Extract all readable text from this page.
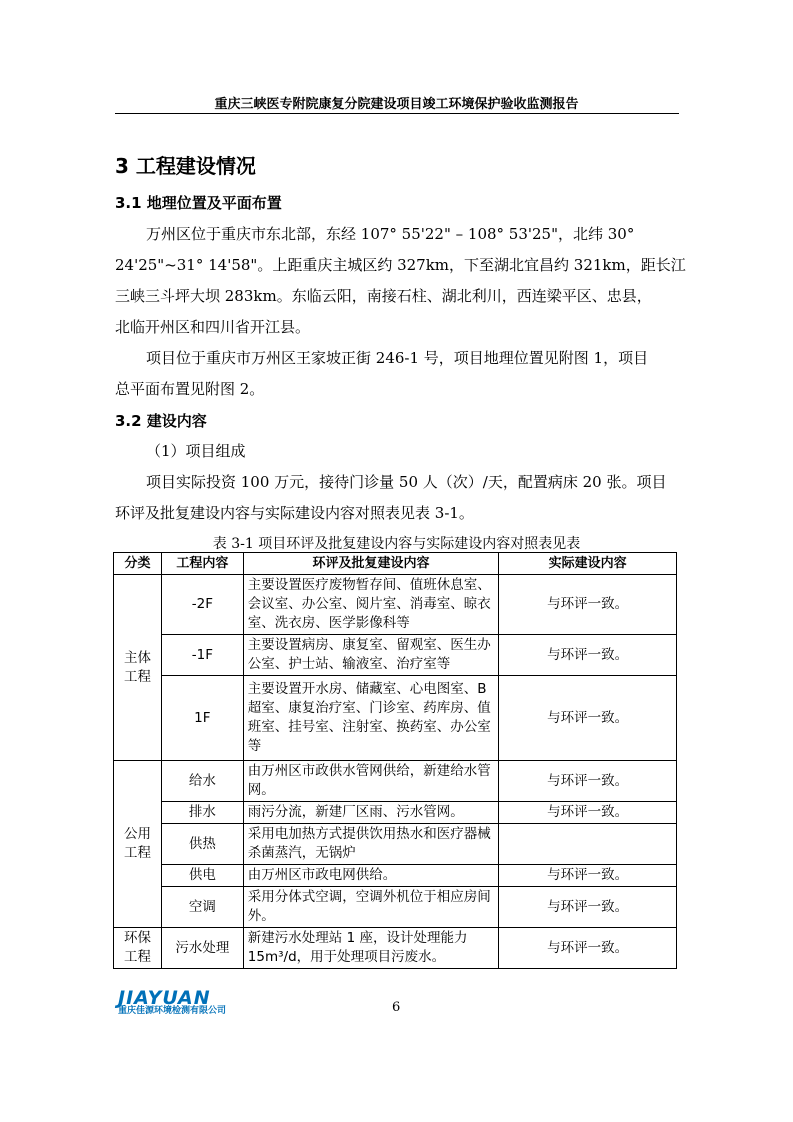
重庆三峡医专附院康复分院建设项目竣工环境保护验收监测报告
3 工程建设情况
3.1 地理位置及平面布置
万州区位于重庆市东北部，东经 107° 55'22" – 108° 53'25"，北纬 30°
24'25"~31° 14'58"。上距重庆主城区约 327km，下至湖北宜昌约 321km，距长江
三峡三斗坪大坝 283km。东临云阳，南接石柱、湖北利川，西连梁平区、忠县，
北临开州区和四川省开江县。
项目位于重庆市万州区王家坡正街 246-1 号，项目地理位置见附图 1，项目
总平面布置见附图 2。
3.2 建设内容
（1）项目组成
项目实际投资 100 万元，接待门诊量 50 人（次）/天，配置病床 20 张。项目
环评及批复建设内容与实际建设内容对照表见表 3-1。
表 3-1 项目环评及批复建设内容与实际建设内容对照表见表
分类	工程内容	环评及批复建设内容	实际建设内容
主体
工程	-2F	主要设置医疗废物暂存间、值班休息室、会议室、办公室、阅片室、消毒室、晾衣室、洗衣房、医学影像科等	与环评一致。
	-1F	主要设置病房、康复室、留观室、医生办公室、护士站、输液室、治疗室等	与环评一致。
	1F	主要设置开水房、储藏室、心电图室、B 超室、康复治疗室、门诊室、药库房、值班室、挂号室、注射室、换药室、办公室等	与环评一致。
公用
工程	给水	由万州区市政供水管网供给，新建给水管网。	与环评一致。
	排水	雨污分流，新建厂区雨、污水管网。	与环评一致。
	供热	采用电加热方式提供饮用热水和医疗器械杀菌蒸汽，无锅炉	
	供电	由万州区市政电网供给。	与环评一致。
	空调	采用分体式空调，空调外机位于相应房间外。	与环评一致。
环保
工程	污水处理	新建污水处理站 1 座，设计处理能力 15m³/d，用于处理项目污废水。	与环评一致。
JIAYUAN
重庆佳源环境检测有限公司	6
